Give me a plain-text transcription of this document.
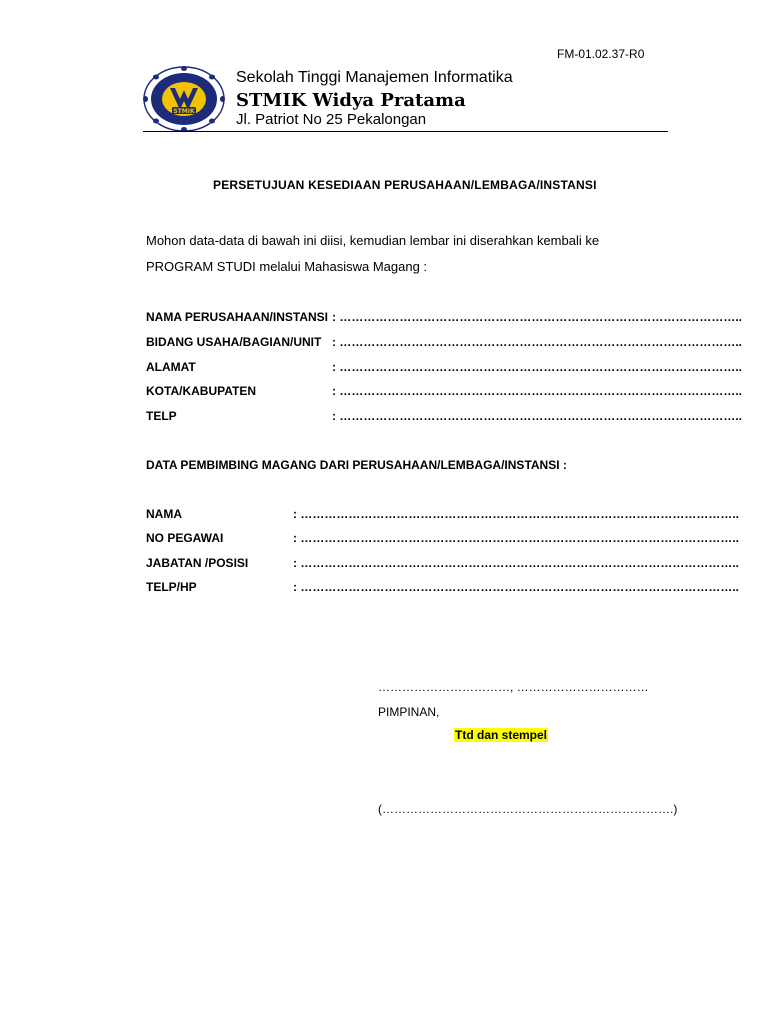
FM-01.02.37-R0
STMIK
Sekolah Tinggi Manajemen Informatika
STMIK Widya Pratama
Jl. Patriot No 25 Pekalongan
PERSETUJUAN KESEDIAAN PERUSAHAAN/LEMBAGA/INSTANSI
Mohon data-data di bawah ini diisi, kemudian lembar ini diserahkan kembali ke
PROGRAM STUDI melalui Mahasiswa Magang :
NAMA PERUSAHAAN/INSTANSI : ………………………………………………………………………………………..
BIDANG USAHA/BAGIAN/UNIT : ………………………………………………………………………………………..
ALAMAT	: ………………………………………………………………………………………..
KOTA/KABUPATEN	: ………………………………………………………………………………………..
TELP	: ………………………………………………………………………………………..
DATA PEMBIMBING MAGANG DARI PERUSAHAAN/LEMBAGA/INSTANSI :
NAMA	: ………………………………………………………………………………………………..
NO PEGAWAI	: ………………………………………………………………………………………………..
JABATAN /POSISI	: ………………………………………………………………………………………………..
TELP/HP	: ………………………………………………………………………………………………..
……………………………, ……………………………
PIMPINAN,
Ttd dan stempel
(……………………………………………………………….)
